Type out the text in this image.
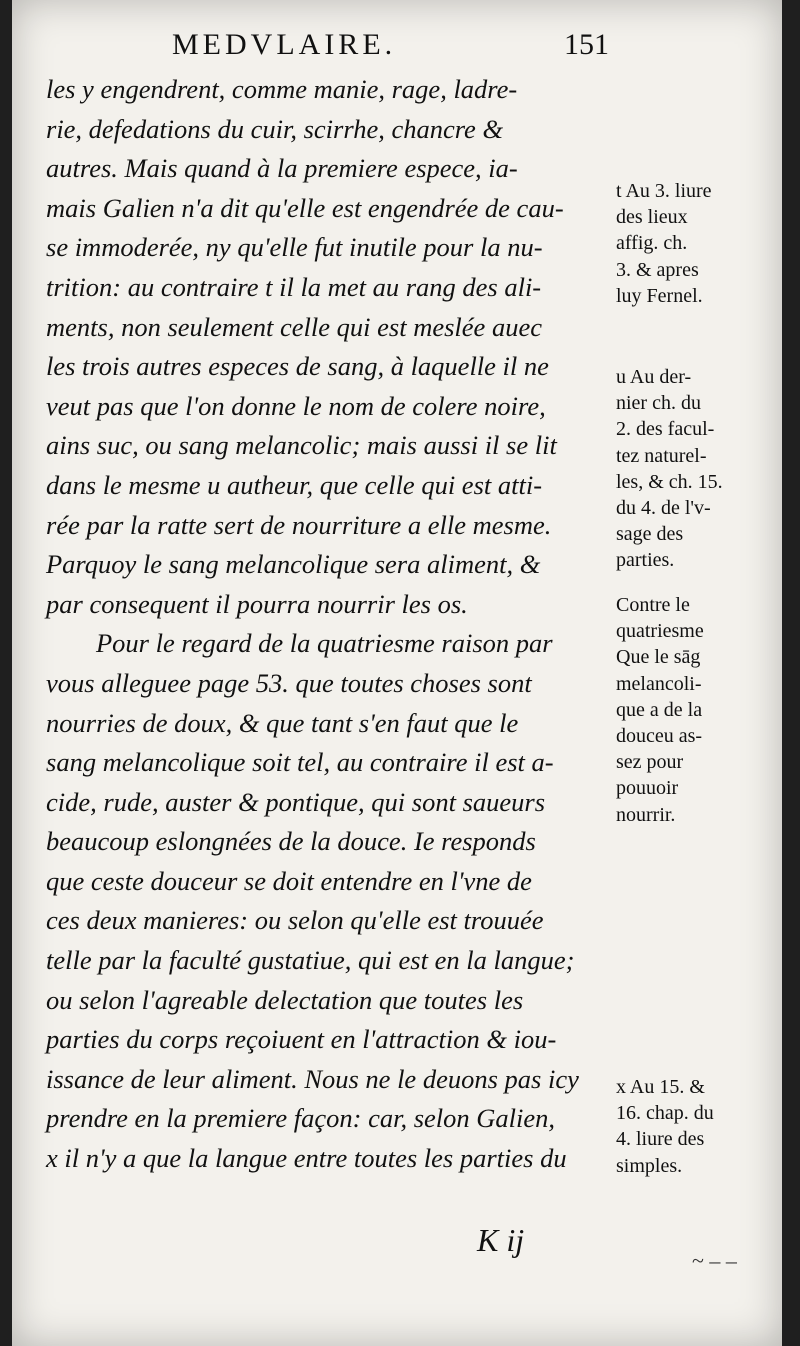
MEDVLAIRE.	151
les y engendrent, comme manie, rage, ladre-
rie, defedations du cuir, scirrhe, chancre &
autres. Mais quand à la premiere espece, ia-
mais Galien n'a dit qu'elle est engendrée de cau-
se immoderée, ny qu'elle fut inutile pour la nu-
trition: au contraire t il la met au rang des ali-
ments, non seulement celle qui est meslée auec
les trois autres especes de sang, à laquelle il ne
veut pas que l'on donne le nom de colere noire,
ains suc, ou sang melancolic; mais aussi il se lit
dans le mesme u autheur, que celle qui est atti-
rée par la ratte sert de nourriture a elle mesme.
Parquoy le sang melancolique sera aliment, &
par consequent il pourra nourrir les os.
Pour le regard de la quatriesme raison par
vous alleguee page 53. que toutes choses sont
nourries de doux, & que tant s'en faut que le
sang melancolique soit tel, au contraire il est a-
cide, rude, auster & pontique, qui sont saueurs
beaucoup eslongnées de la douce. Ie responds
que ceste douceur se doit entendre en l'vne de
ces deux manieres: ou selon qu'elle est trouuée
telle par la faculté gustatiue, qui est en la langue;
ou selon l'agreable delectation que toutes les
parties du corps reçoiuent en l'attraction & iou-
issance de leur aliment. Nous ne le deuons pas icy
prendre en la premiere façon: car, selon Galien,
x il n'y a que la langue entre toutes les parties du
t Au 3. liure
des lieux
affig. ch.
3. & apres
luy Fernel.
u Au der-
nier ch. du
2. des facul-
tez naturel-
les, & ch. 15.
du 4. de l'v-
sage des
parties.
Contre le
quatriesme
Que le sāg
melancoli-
que a de la
douceu as-
sez pour
pouuoir
nourrir.
x Au 15. &
16. chap. du
4. liure des
simples.
K ij
~ – –
